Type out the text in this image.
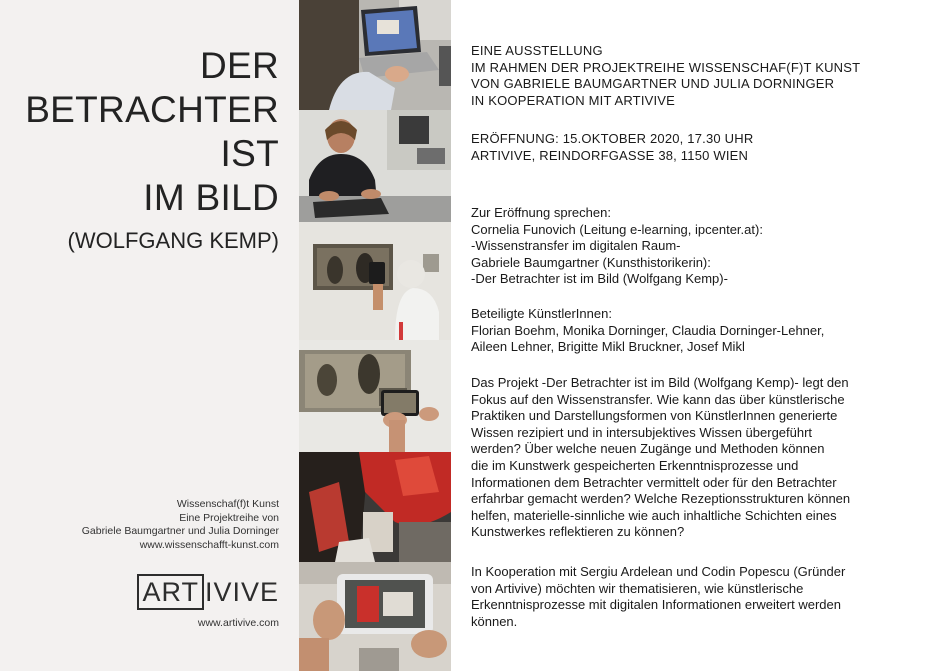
DER
BETRACHTER
IST
IM BILD
(WOLFGANG KEMP)
Wissenschaf(f)t Kunst
Eine Projektreihe von
Gabriele Baumgartner und Julia Dorninger
www.wissenschafft-kunst.com
ART IVIVE
www.artivive.com
EINE AUSSTELLUNG
IM RAHMEN DER PROJEKTREIHE WISSENSCHAF(F)T KUNST
VON GABRIELE BAUMGARTNER UND JULIA DORNINGER
IN KOOPERATION MIT ARTIVIVE
ERÖFFNUNG: 15.OKTOBER 2020, 17.30 UHR
ARTIVIVE, REINDORFGASSE 38, 1150 WIEN
Zur Eröffnung sprechen:
Cornelia Funovich (Leitung e-learning, ipcenter.at):
-Wissenstransfer im digitalen Raum-
Gabriele Baumgartner (Kunsthistorikerin):
-Der Betrachter ist im Bild (Wolfgang Kemp)-
Beteiligte KünstlerInnen:
Florian Boehm, Monika Dorninger, Claudia Dorninger-Lehner,
Aileen Lehner, Brigitte Mikl Bruckner, Josef Mikl
Das Projekt -Der Betrachter ist im Bild (Wolfgang Kemp)- legt den
Fokus auf den Wissenstransfer. Wie kann das über künstlerische
Praktiken und Darstellungsformen von KünstlerInnen generierte
Wissen rezipiert und in intersubjektives Wissen übergeführt
werden? Über welche neuen Zugänge und Methoden können
die im Kunstwerk gespeicherten Erkenntnisprozesse und
Informationen dem Betrachter vermittelt oder für den Betrachter
erfahrbar gemacht werden? Welche Rezeptionsstrukturen können
helfen, materielle-sinnliche wie auch inhaltliche Schichten eines
Kunstwerkes reflektieren zu können?
In Kooperation mit Sergiu Ardelean und Codin Popescu (Gründer
von Artivive) möchten wir thematisieren, wie künstlerische
Erkenntnisprozesse mit digitalen Informationen erweitert werden
können.
